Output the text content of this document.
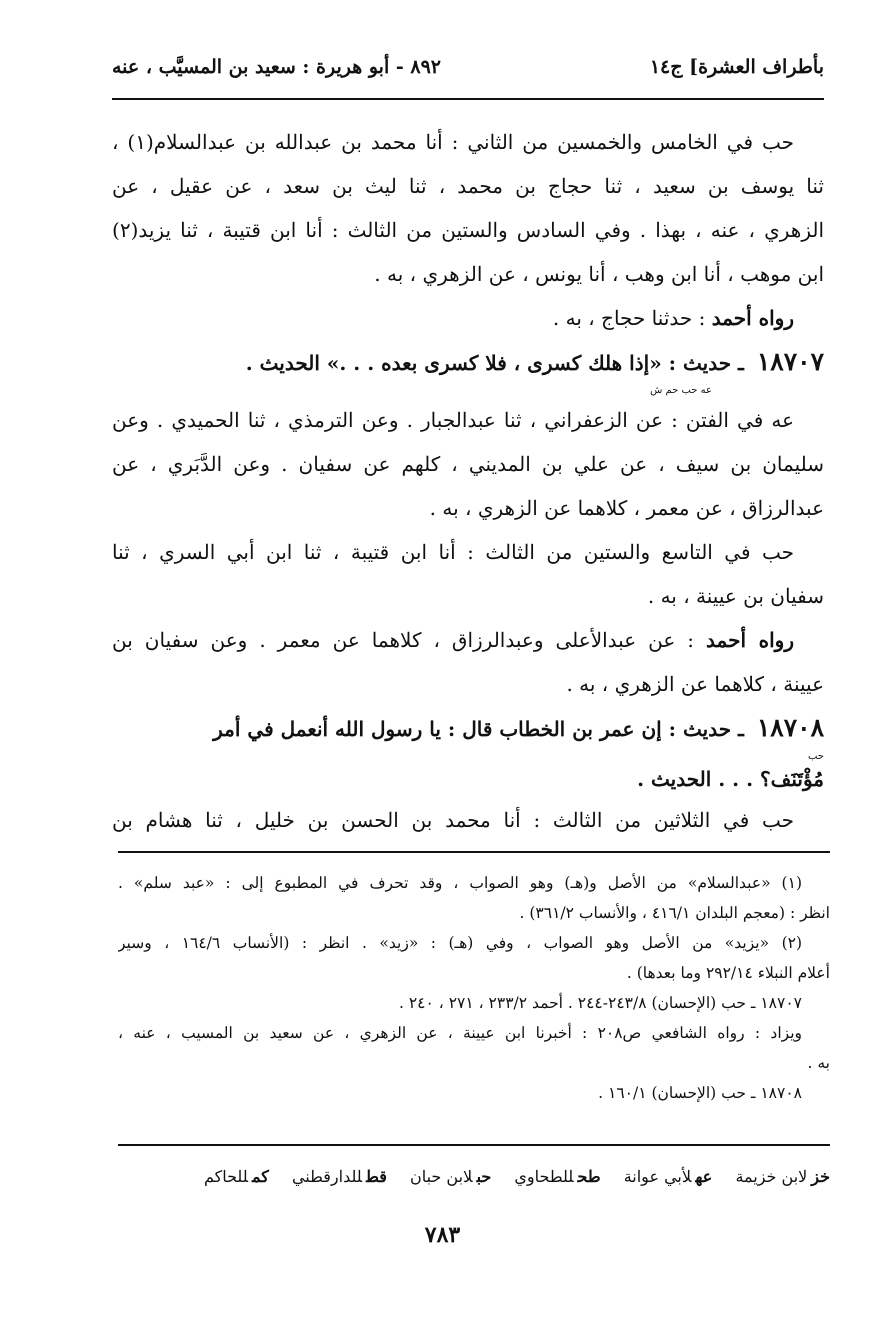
بأطراف العشرة] ج١٤
٨٩٢ - أبو هريرة : سعيد بن المسيَّب ، عنه
حب في الخامس والخمسين من الثاني : أنا محمد بن عبدالله بن عبدالسلام(١) ،
ثنا يوسف بن سعيد ، ثنا حجاج بن محمد ، ثنا ليث بن سعد ، عن عقيل ، عن
الزهري ، عنه ، بهذا . وفي السادس والستين من الثالث : أنا ابن قتيبة ، ثنا يزيد(٢)
ابن موهب ، أنا ابن وهب ، أنا يونس ، عن الزهري ، به .
رواه أحمد : حدثنا حجاج ، به .
١٨٧٠٧ ـ حديث : «إذا هلك كسرى ، فلا كسرى بعده . . .» الحديث .
عه حب حم ش
عه في الفتن : عن الزعفراني ، ثنا عبدالجبار . وعن الترمذي ، ثنا الحميدي . وعن
سليمان بن سيف ، عن علي بن المديني ، كلهم عن سفيان . وعن الدَّبَري ، عن
عبدالرزاق ، عن معمر ، كلاهما عن الزهري ، به .
حب في التاسع والستين من الثالث : أنا ابن قتيبة ، ثنا ابن أبي السري ، ثنا
سفيان بن عيينة ، به .
رواه أحمد : عن عبدالأعلى وعبدالرزاق ، كلاهما عن معمر . وعن سفيان بن
عيينة ، كلاهما عن الزهري ، به .
١٨٧٠٨ ـ حديث : إن عمر بن الخطاب قال : يا رسول الله أنعمل في أمر
حب
مُؤْتَنَف؟ . . . الحديث .
حب في الثلاثين من الثالث : أنا محمد بن الحسن بن خليل ، ثنا هشام بن
(١) «عبدالسلام» من الأصل و(هـ) وهو الصواب ، وقد تحرف في المطبوع إلى : «عبد سلم» .
انظر : (معجم البلدان ٤١٦/١ ، والأنساب ٣٦١/٢) .
(٢) «يزيد» من الأصل وهو الصواب ، وفي (هـ) : «زيد» . انظر : (الأنساب ١٦٤/٦ ، وسير
أعلام النبلاء ٢٩٢/١٤ وما بعدها) .
١٨٧٠٧ ـ حب (الإحسان) ٢٤٣/٨-٢٤٤ . أحمد ٢٣٣/٢ ، ٢٧١ ، ٢٤٠ .
ويزاد : رواه الشافعي ص٢٠٨ : أخبرنا ابن عيينة ، عن الزهري ، عن سعيد بن المسيب ، عنه ،
به .
١٨٧٠٨ ـ حب (الإحسان) ١٦٠/١ .
خزلابن خزيمة عهلأبي عوانة طحللطحاوي حبلابن حبان قطللدارقطني كمللحاكم
٧٨٣
